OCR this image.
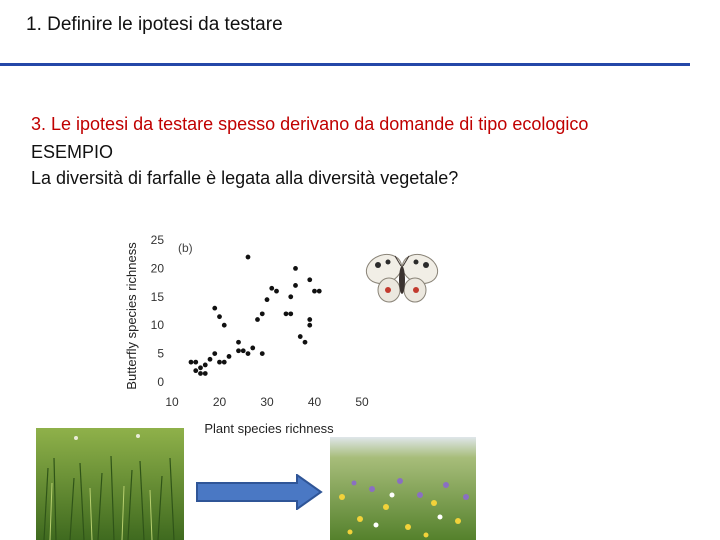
1. Definire le ipotesi da testare

3. Le ipotesi da testare spesso derivano da domande di tipo ecologico

ESEMPIO
La diversità di farfalle è legata alla diversità vegetale?
0
5
10
15
20
25
10	20	30	40	50
(b)
Plant species richness
Butterfly species richness
